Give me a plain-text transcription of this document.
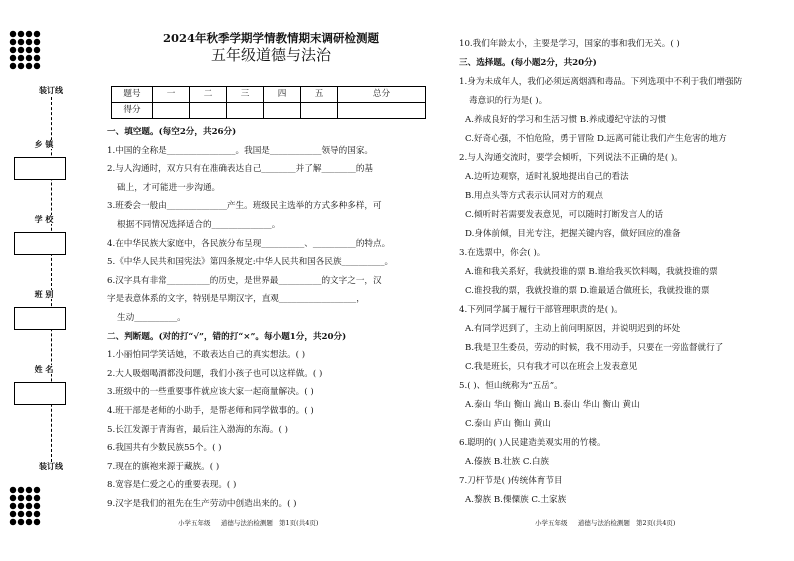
装订线
装订线
乡 镇
学 校
班 别
姓 名
2024年秋季学期学情教情期末调研检测题
五年级道德与法治
题号	一	二	三	四	五	总分
得分						
一、填空题。(每空2分，共26分)
1.中国的全称是________________。我国是____________领导的国家。
2.与人沟通时，双方只有在准确表达自己________并了解________的基
础上，才可能进一步沟通。
3.班委会一般由______________产生。班级民主选举的方式多种多样，可
根据不同情况选择适合的______________。
4.在中华民族大家庭中，各民族分布呈现__________、__________的特点。
5.《中华人民共和国宪法》第四条规定:中华人民共和国各民族__________。
6.汉字具有非常__________的历史，是世界最__________的文字之一，汉
字是表意体系的文字，特别是早期汉字，直观__________________，
生动__________。
二、判断题。(对的打“√”，错的打“×”。每小题1分，共20分)
1.小丽怕同学笑话她，不敢表达自己的真实想法。( )
2.大人吸烟喝酒都没问题，我们小孩子也可以这样做。( )
3.班级中的一些重要事件就应该大家一起商量解决。( )
4.班干部是老师的小助手，是帮老师和同学做事的。( )
5.长江发源于青海省，最后注入渤海的东海。( )
6.我国共有少数民族55个。( )
7.现在的旗袍来源于藏族。( )
8.宽容是仁爱之心的重要表现。( )
9.汉字是我们的祖先在生产劳动中创造出来的。( )
10.我们年龄太小，主要是学习，国家的事和我们无关。( )
三、选择题。(每小题2分，共20分)
1.身为未成年人，我们必须远离烟酒和毒品。下列选项中不利于我们增强防
毒意识的行为是( )。
A.养成良好的学习和生活习惯 B.养成遵纪守法的习惯
C.好奇心强，不怕危险，勇于冒险 D.远离可能让我们产生危害的地方
2.与人沟通交流时，要学会倾听，下列说法不正确的是( )。
A.边听边观察，适时礼貌地提出自己的看法
B.用点头等方式表示认同对方的观点
C.倾听时若需要发表意见，可以随时打断发言人的话
D.身体前倾，目光专注，把握关键内容，做好回应的准备
3.在选票中，你会( )。
A.谁和我关系好，我就投谁的票 B.谁给我买饮料喝，我就投谁的票
C.谁投我的票，我就投谁的票 D.谁最适合做班长，我就投谁的票
4.下列同学属于履行干部管理职责的是( )。
A.有同学迟到了，主动上前问明原因，并说明迟到的坏处
B.我是卫生委员，劳动的时候，我不用动手，只要在一旁监督就行了
C.我是班长，只有我才可以在班会上发表意见
5.( )、恒山统称为“五岳”。
A.泰山 华山 衡山 嵩山 B.泰山 华山 衡山 黄山
C.泰山 庐山 衡山 黄山
6.聪明的( )人民建造美观实用的竹楼。
A.傣族 B.壮族 C.白族
7.刀杆节是( )传统体育节目
A.黎族 B.傈僳族 C.土家族
小学五年级 道德与法治检测题 第1页(共4页)	小学五年级 道德与法治检测题 第2页(共4页)
